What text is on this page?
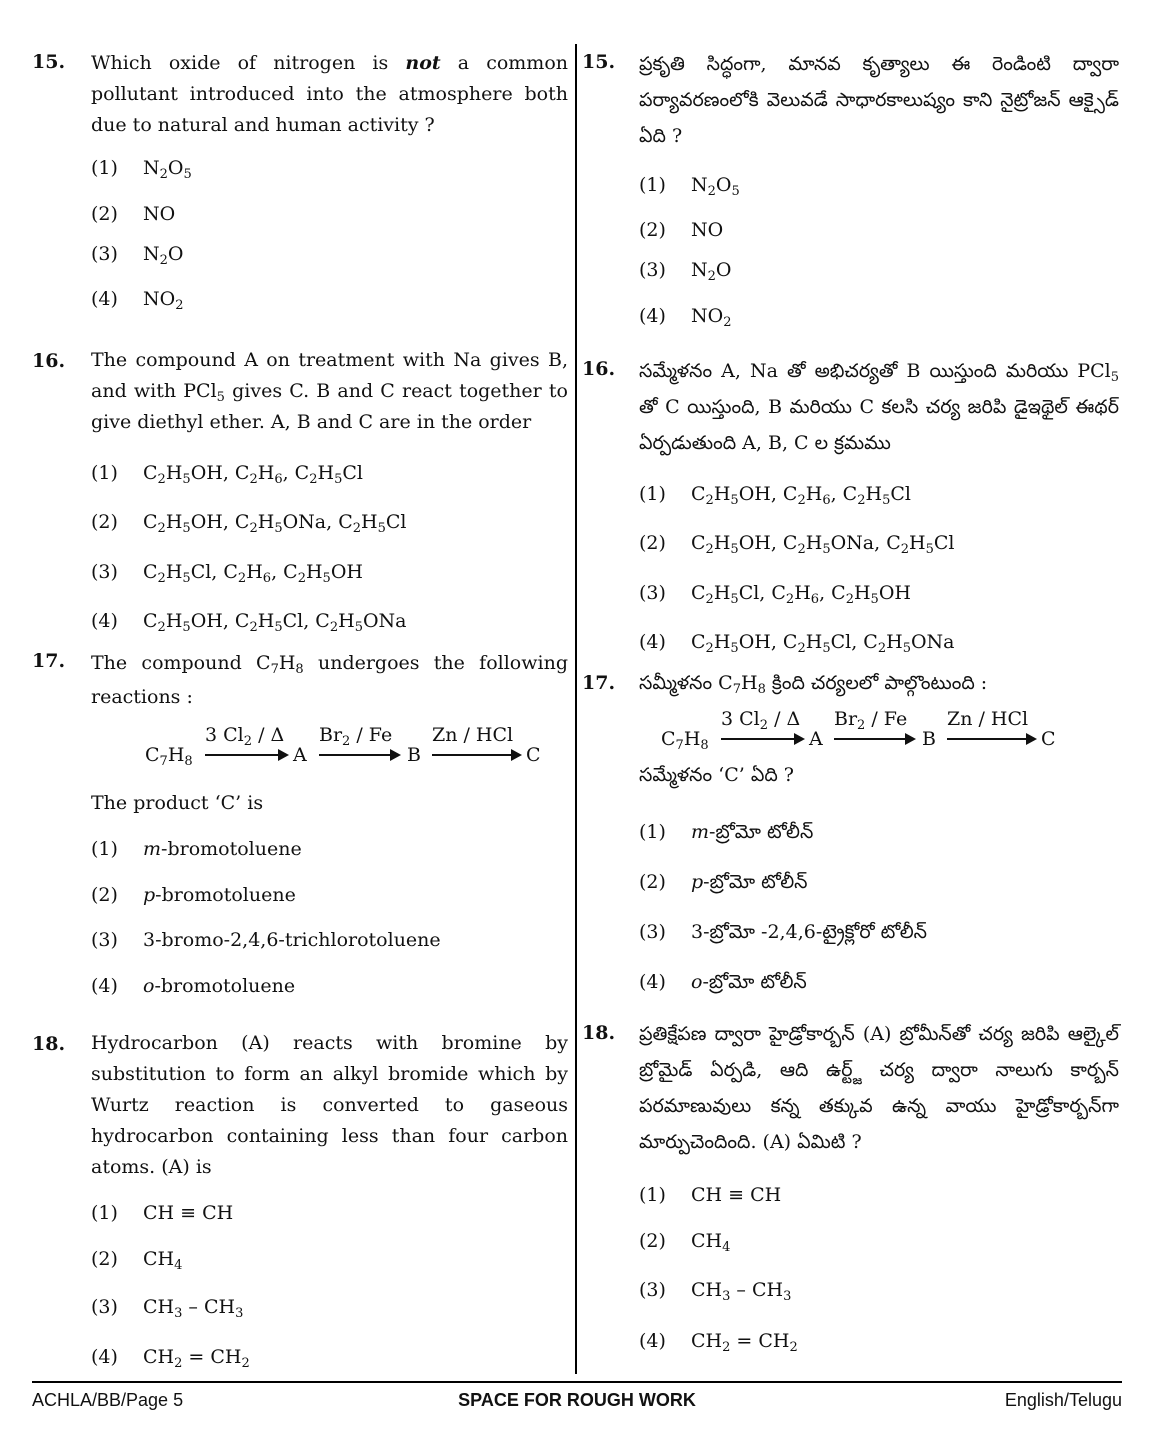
15. Which oxide of nitrogen is not a common pollutant introduced into the atmosphere both due to natural and human activity ?
(1) $N_2O_5$
(2) NO
(3) $N_2O$
(4) $NO_2$
16. The compound A on treatment with Na gives B, and with PCl$_5$ gives C. B and C react together to give diethyl ether. A, B and C are in the order
(1) $C_2H_5OH$, $C_2H_6$, $C_2H_5Cl$
(2) $C_2H_5OH$, $C_2H_5ONa$, $C_2H_5Cl$
(3) $C_2H_5Cl$, $C_2H_6$, $C_2H_5OH$
(4) $C_2H_5OH$, $C_2H_5Cl$, $C_2H_5ONa$
17. The compound $C_7H_8$ undergoes the following reactions :
$C_7H_8$
3 $Cl_2$ / Δ
A
$Br_2$ / Fe
B
Zn / HCl
C
The product ‘C’ is
(1) m-bromotoluene
(2) p-bromotoluene
(3) 3-bromo-2,4,6-trichlorotoluene
(4) o-bromotoluene
18. Hydrocarbon (A) reacts with bromine by substitution to form an alkyl bromide which by Wurtz reaction is converted to gaseous hydrocarbon containing less than four carbon atoms. (A) is
(1) CH ≡ CH
(2) $CH_4$
(3) $CH_3 - CH_3$
(4) $CH_2 = CH_2$
15. ప్రకృతి సిద్ధంగా, మానవ కృత్యాలు ఈ రెండింటి ద్వారా పర్యావరణంలోకి వెలువడే సాధారకాలుష్యం కాని నైట్రోజన్ ఆక్సైడ్ ఏది ?
(1) $N_2O_5$
(2) NO
(3) $N_2O$
(4) $NO_2$
16. సమ్మేళనం A, Na తో అభిచర్యతో B యిస్తుంది మరియు PCl$_5$ తో C యిస్తుంది, B మరియు C కలసి చర్య జరిపి డైఇథైల్ ఈథర్ ఏర్పడుతుంది A, B, C ల క్రమము
(1) $C_2H_5OH$, $C_2H_6$, $C_2H_5Cl$
(2) $C_2H_5OH$, $C_2H_5ONa$, $C_2H_5Cl$
(3) $C_2H_5Cl$, $C_2H_6$, $C_2H_5OH$
(4) $C_2H_5OH$, $C_2H_5Cl$, $C_2H_5ONa$
17. సమ్మీళనం $C_7H_8$ క్రింది చర్యలలో పాల్గొంటుంది :
$C_7H_8$
3 $Cl_2$ / Δ
A
$Br_2$ / Fe
B
Zn / HCl
C
సమ్మేళనం ‘C’ ఏది ?
(1) m-బ్రోమో టోలీన్
(2) p-బ్రోమో టోలీన్
(3) 3-బ్రోమో -2,4,6-ట్రైక్లోరో టోలీన్
(4) o-బ్రోమో టోలీన్
18. ప్రతిక్షేపణ ద్వారా హైడ్రోకార్బన్ (A) బ్రోమీన్‌తో చర్య జరిపి ఆల్కైల్ బ్రోమైడ్ ఏర్పడి, ఆది ఉర్ట్జ్ చర్య ద్వారా నాలుగు కార్బన్ పరమాణువులు కన్న తక్కువ ఉన్న వాయు హైడ్రోకార్బన్‌గా మార్పుచెందింది. (A) ఏమిటి ?
(1) CH ≡ CH
(2) $CH_4$
(3) $CH_3 - CH_3$
(4) $CH_2 = CH_2$
ACHLA/BB/Page 5	SPACE FOR ROUGH WORK	English/Telugu
